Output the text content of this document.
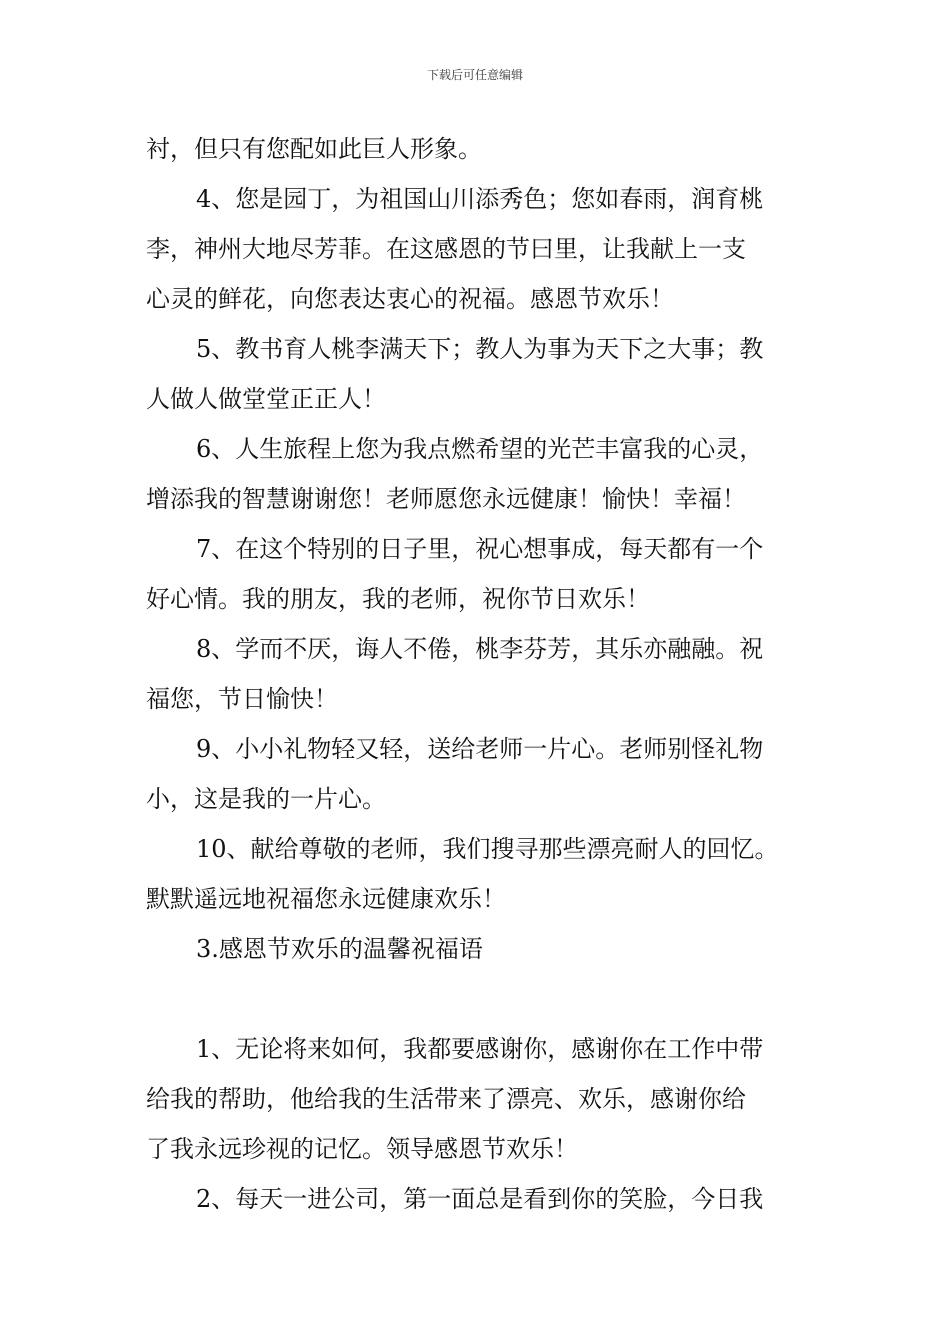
下载后可任意编辑

衬，但只有您配如此巨人形象。

4、您是园丁，为祖国山川添秀色；您如春雨，润育桃

李，神州大地尽芳菲。在这感恩的节曰里，让我献上一支

心灵的鲜花，向您表达衷心的祝福。感恩节欢乐！

5、教书育人桃李满天下；教人为事为天下之大事；教

人做人做堂堂正正人！

6、人生旅程上您为我点燃希望的光芒丰富我的心灵，

增添我的智慧谢谢您！老师愿您永远健康！愉快！幸福！

7、在这个特别的日子里，祝心想事成，每天都有一个

好心情。我的朋友，我的老师，祝你节日欢乐！

8、学而不厌，诲人不倦，桃李芬芳，其乐亦融融。祝

福您，节日愉快！

9、小小礼物轻又轻，送给老师一片心。老师别怪礼物

小，这是我的一片心。

10、献给尊敬的老师，我们搜寻那些漂亮耐人的回忆。

默默遥远地祝福您永远健康欢乐！

3.感恩节欢乐的温馨祝福语

1、无论将来如何，我都要感谢你，感谢你在工作中带

给我的帮助，他给我的生活带来了漂亮、欢乐，感谢你给

了我永远珍视的记忆。领导感恩节欢乐！

2、每天一进公司，第一面总是看到你的笑脸，今日我
